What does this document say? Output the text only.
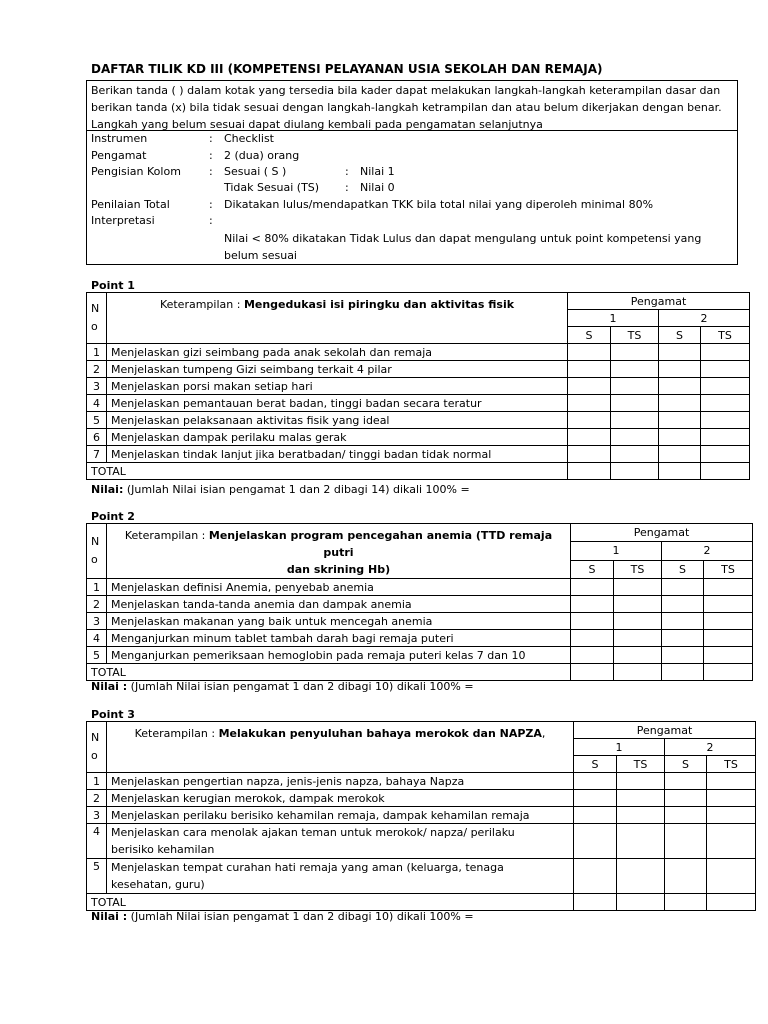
DAFTAR TILIK KD III (KOMPETENSI PELAYANAN USIA SEKOLAH DAN REMAJA)
Berikan tanda ( ) dalam kotak yang tersedia bila kader dapat melakukan langkah-langkah keterampilan dasar dan
berikan tanda (x) bila tidak sesuai dengan langkah-langkah ketrampilan dan atau belum dikerjakan dengan benar.
Langkah yang belum sesuai dapat diulang kembali pada pengamatan selanjutnya
Instrumen	: Checklist
Pengamat	: 2 (dua) orang
Pengisian Kolom	: Sesuai ( S )	: Nilai 1
Tidak Sesuai (TS) : Nilai 0
Penilaian Total	: Dikatakan lulus/mendapatkan TKK bila total nilai yang diperoleh minimal 80%
Interpretasi	:
Nilai < 80% dikatakan Tidak Lulus dan dapat mengulang untuk point kompetensi yang
belum sesuai
Point 1
N
o	Keterampilan : Mengedukasi isi piringku dan aktivitas fisik	Pengamat			
		1		2	
		S	TS	S	TS
1	Menjelaskan gizi seimbang pada anak sekolah dan remaja				
2	Menjelaskan tumpeng Gizi seimbang terkait 4 pilar				
3	Menjelaskan porsi makan setiap hari				
4	Menjelaskan pemantauan berat badan, tinggi badan secara teratur				
5	Menjelaskan pelaksanaan aktivitas fisik yang ideal				
6	Menjelaskan dampak perilaku malas gerak				
7	Menjelaskan tindak lanjut jika beratbadan/ tinggi badan tidak normal				
TOTAL					
Nilai: (Jumlah Nilai isian pengamat 1 dan 2 dibagi 14) dikali 100% =
Point 2
N
o	Keterampilan : Menjelaskan program pencegahan anemia (TTD remaja putri
dan skrining Hb)	Pengamat			
		1		2	
		S	TS	S	TS
1	Menjelaskan definisi Anemia, penyebab anemia				
2	Menjelaskan tanda-tanda anemia dan dampak anemia				
3	Menjelaskan makanan yang baik untuk mencegah anemia				
4	Menganjurkan minum tablet tambah darah bagi remaja puteri				
5	Menganjurkan pemeriksaan hemoglobin pada remaja puteri kelas 7 dan 10				
TOTAL					
Nilai : (Jumlah Nilai isian pengamat 1 dan 2 dibagi 10) dikali 100% =
Point 3
N
o	Keterampilan : Melakukan penyuluhan bahaya merokok dan NAPZA,	Pengamat			
		1		2	
		S	TS	S	TS
1	Menjelaskan pengertian napza, jenis-jenis napza, bahaya Napza				
2	Menjelaskan kerugian merokok, dampak merokok				
3	Menjelaskan perilaku berisiko kehamilan remaja, dampak kehamilan remaja				
4	Menjelaskan cara menolak ajakan teman untuk merokok/ napza/ perilaku
berisiko kehamilan				
5	Menjelaskan tempat curahan hati remaja yang aman (keluarga, tenaga
kesehatan, guru)				
TOTAL					
Nilai : (Jumlah Nilai isian pengamat 1 dan 2 dibagi 10) dikali 100% =
